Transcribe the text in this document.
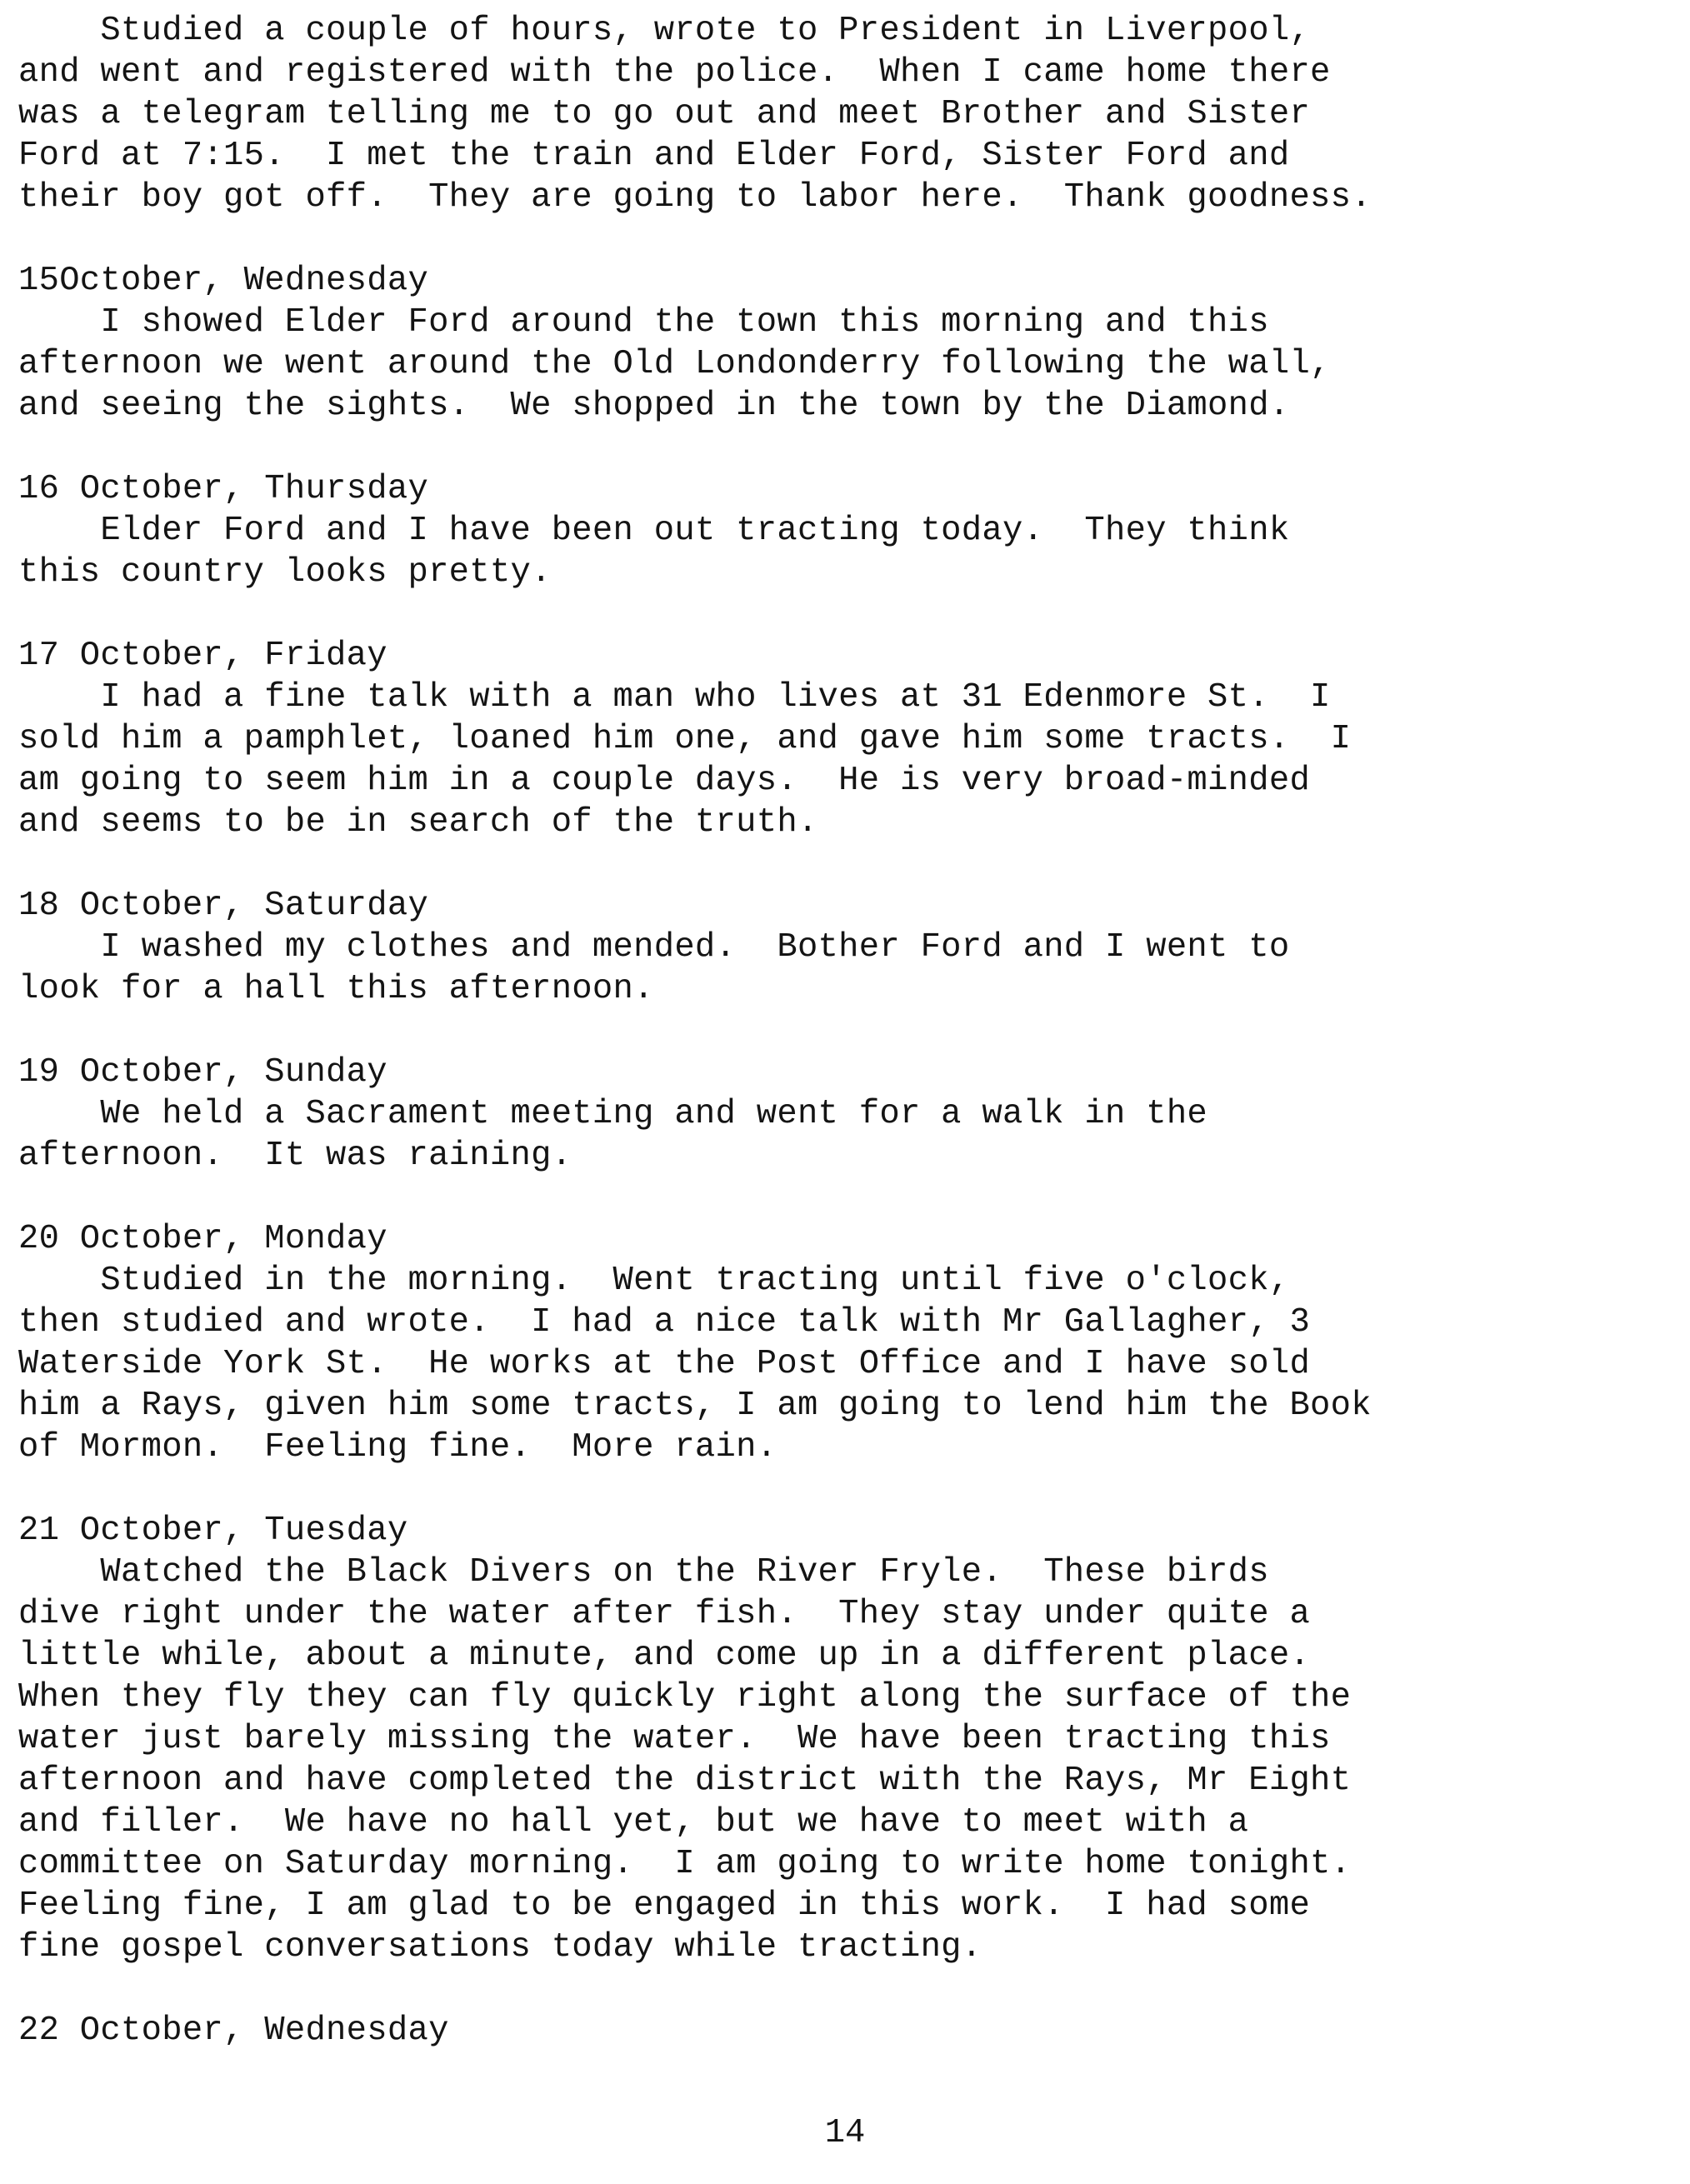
Studied a couple of hours, wrote to President in Liverpool,
and went and registered with the police.  When I came home there
was a telegram telling me to go out and meet Brother and Sister
Ford at 7:15.  I met the train and Elder Ford, Sister Ford and
their boy got off.  They are going to labor here.  Thank goodness.
15October, Wednesday
I showed Elder Ford around the town this morning and this
afternoon we went around the Old Londonderry following the wall,
and seeing the sights.  We shopped in the town by the Diamond.
16 October, Thursday
Elder Ford and I have been out tracting today.  They think
this country looks pretty.
17 October, Friday
I had a fine talk with a man who lives at 31 Edenmore St.  I
sold him a pamphlet, loaned him one, and gave him some tracts.  I
am going to seem him in a couple days.  He is very broad-minded
and seems to be in search of the truth.
18 October, Saturday
I washed my clothes and mended.  Bother Ford and I went to
look for a hall this afternoon.
19 October, Sunday
We held a Sacrament meeting and went for a walk in the
afternoon.  It was raining.
20 October, Monday
Studied in the morning.  Went tracting until five o'clock,
then studied and wrote.  I had a nice talk with Mr Gallagher, 3
Waterside York St.  He works at the Post Office and I have sold
him a Rays, given him some tracts, I am going to lend him the Book
of Mormon.  Feeling fine.  More rain.
21 October, Tuesday
Watched the Black Divers on the River Fryle.  These birds
dive right under the water after fish.  They stay under quite a
little while, about a minute, and come up in a different place.
When they fly they can fly quickly right along the surface of the
water just barely missing the water.  We have been tracting this
afternoon and have completed the district with the Rays, Mr Eight
and filler.  We have no hall yet, but we have to meet with a
committee on Saturday morning.  I am going to write home tonight.
Feeling fine, I am glad to be engaged in this work.  I had some
fine gospel conversations today while tracting.
22 October, Wednesday
14
